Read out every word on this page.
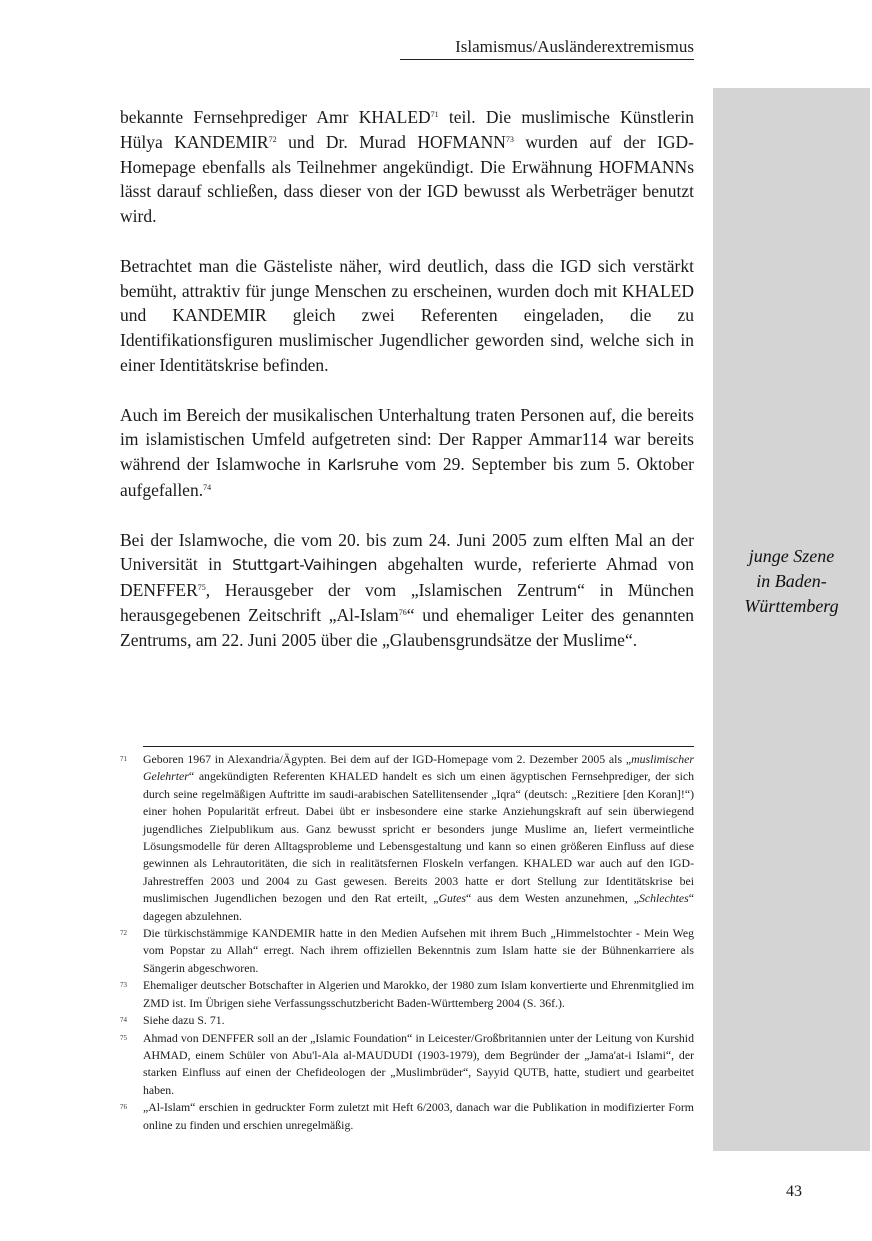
Islamismus/Ausländerextremismus
junge Szene
in Baden-
Württemberg

bekannte Fernsehprediger Amr KHALED$^{71}$ teil. Die muslimische Künstlerin Hülya KANDEMIR$^{72}$ und Dr. Murad HOFMANN$^{73}$ wurden auf der IGD-Homepage ebenfalls als Teilnehmer angekündigt. Die Erwähnung HOFMANNs lässt darauf schließen, dass dieser von der IGD bewusst als Werbeträger benutzt wird.

Betrachtet man die Gästeliste näher, wird deutlich, dass die IGD sich verstärkt bemüht, attraktiv für junge Menschen zu erscheinen, wurden doch mit KHALED und KANDEMIR gleich zwei Referenten eingeladen, die zu Identifikationsfiguren muslimischer Jugendlicher geworden sind, welche sich in einer Identitätskrise befinden.

Auch im Bereich der musikalischen Unterhaltung traten Personen auf, die bereits im islamistischen Umfeld aufgetreten sind: Der Rapper Ammar114 war bereits während der Islamwoche in Karlsruhe vom 29. September bis zum 5. Oktober aufgefallen.$^{74}$

Bei der Islamwoche, die vom 20. bis zum 24. Juni 2005 zum elften Mal an der Universität in Stuttgart-Vaihingen abgehalten wurde, referierte Ahmad von DENFFER$^{75}$, Herausgeber der vom „Islamischen Zentrum“ in München herausgegebenen Zeitschrift „Al-Islam$^{76}$“ und ehemaliger Leiter des genannten Zentrums, am 22. Juni 2005 über die „Glaubensgrundsätze der Muslime“.

71	Geboren 1967 in Alexandria/Ägypten. Bei dem auf der IGD-Homepage vom 2. Dezember 2005 als „muslimischer Gelehrter“ angekündigten Referenten KHALED handelt es sich um einen ägyptischen Fernsehprediger, der sich durch seine regelmäßigen Auftritte im saudi-arabischen Satellitensender „Iqra“ (deutsch: „Rezitiere [den Koran]!“) einer hohen Popularität erfreut. Dabei übt er insbesondere eine starke Anziehungskraft auf sein überwiegend jugendliches Zielpublikum aus. Ganz bewusst spricht er besonders junge Muslime an, liefert vermeintliche Lösungsmodelle für deren Alltagsprobleme und Lebensgestaltung und kann so einen größeren Einfluss auf diese gewinnen als Lehrautoritäten, die sich in realitätsfernen Floskeln verfangen. KHALED war auch auf den IGD-Jahrestreffen 2003 und 2004 zu Gast gewesen. Bereits 2003 hatte er dort Stellung zur Identitätskrise bei muslimischen Jugendlichen bezogen und den Rat erteilt, „Gutes“ aus dem Westen anzunehmen, „Schlechtes“ dagegen abzulehnen.
72	Die türkischstämmige KANDEMIR hatte in den Medien Aufsehen mit ihrem Buch „Himmelstochter - Mein Weg vom Popstar zu Allah“ erregt. Nach ihrem offiziellen Bekenntnis zum Islam hatte sie der Bühnenkarriere als Sängerin abgeschworen.
73	Ehemaliger deutscher Botschafter in Algerien und Marokko, der 1980 zum Islam konvertierte und Ehrenmitglied im ZMD ist. Im Übrigen siehe Verfassungsschutzbericht Baden-Württemberg 2004 (S. 36f.).
74	Siehe dazu S. 71.
75	Ahmad von DENFFER soll an der „Islamic Foundation“ in Leicester/Großbritannien unter der Leitung von Kurshid AHMAD, einem Schüler von Abu'l-Ala al-MAUDUDI (1903-1979), dem Begründer der „Jama'at-i Islami“, der starken Einfluss auf einen der Chefideologen der „Muslimbrüder“, Sayyid QUTB, hatte, studiert und gearbeitet haben.
76	„Al-Islam“ erschien in gedruckter Form zuletzt mit Heft 6/2003, danach war die Publikation in modifizierter Form online zu finden und erschien unregelmäßig.
43
